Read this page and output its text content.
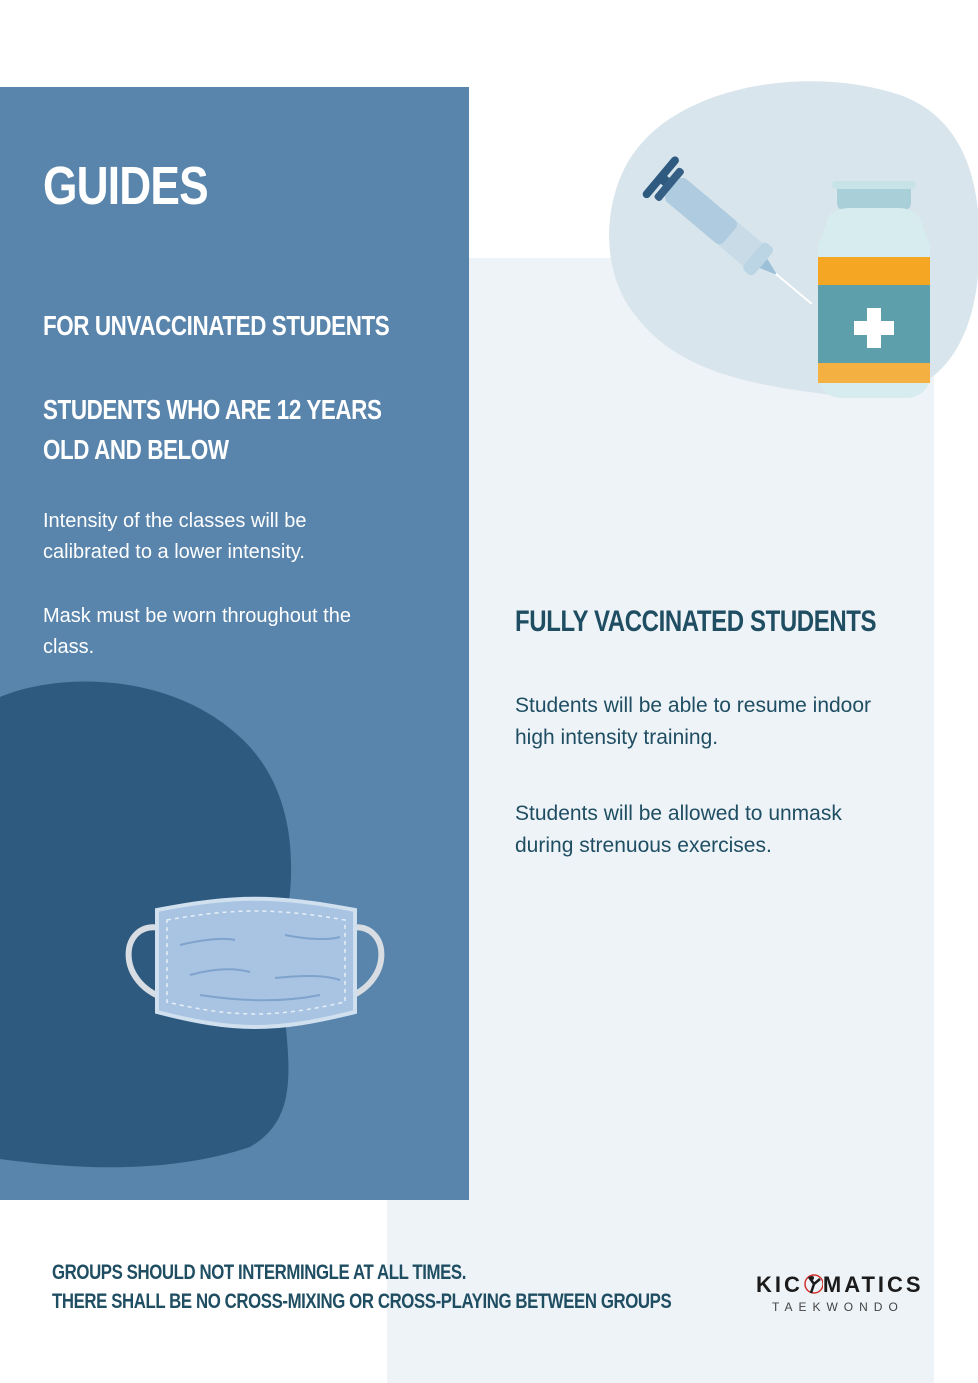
GUIDES
FOR UNVACCINATED STUDENTS
STUDENTS WHO ARE 12 YEARS OLD AND BELOW
Intensity of the classes will be calibrated to a lower intensity.
Mask must be worn throughout the class.
FULLY VACCINATED STUDENTS
Students will be able to resume indoor high intensity training.
Students will be allowed to unmask during strenuous exercises.
GROUPS SHOULD NOT INTERMINGLE AT ALL TIMES.
THERE SHALL BE NO CROSS-MIXING OR CROSS-PLAYING BETWEEN GROUPS
KIC MATICS
TAEKWONDO
